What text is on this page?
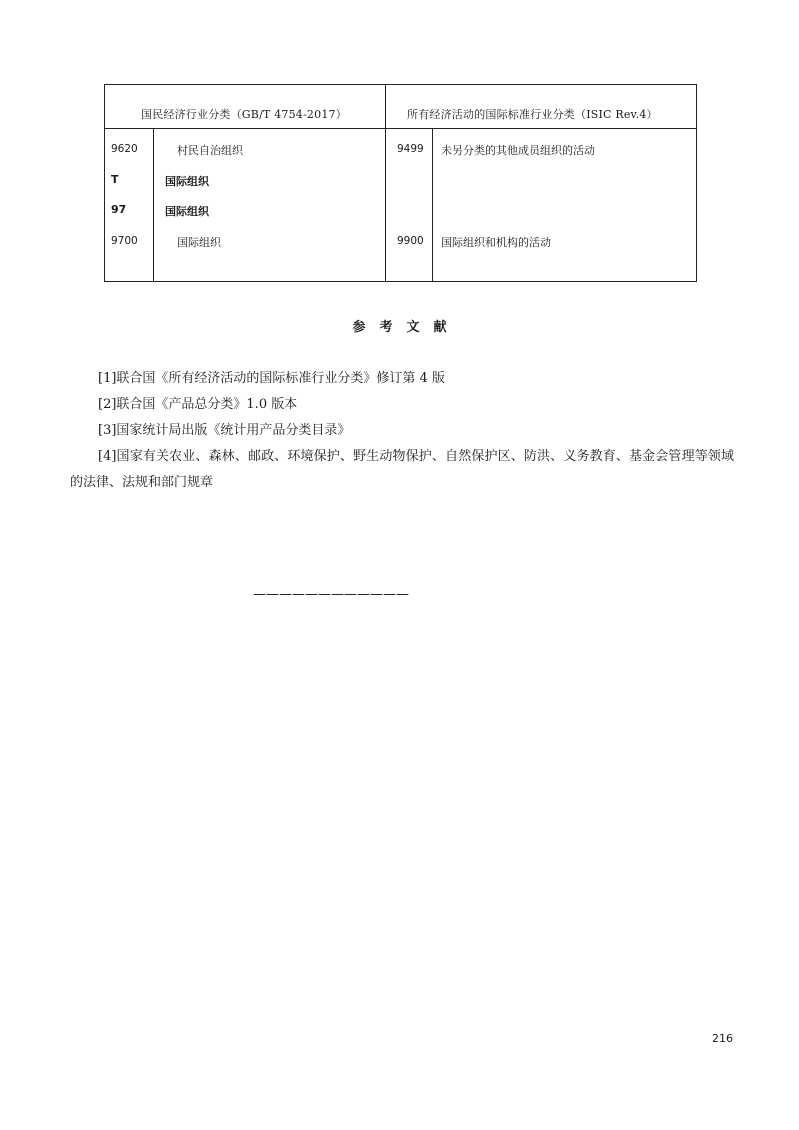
国民经济行业分类（GB/T 4754-2017）	所有经济活动的国际标准行业分类（ISIC Rev.4）
9620	村民自治组织	9499 未另分类的其他成员组织的活动
T	国际组织
97	国际组织
9700	国际组织	9900 国际组织和机构的活动
参考文献
[1]联合国《所有经济活动的国际标准行业分类》修订第 4 版
[2]联合国《产品总分类》1.0 版本
[3]国家统计局出版《统计用产品分类目录》
[4]国家有关农业、森林、邮政、环境保护、野生动物保护、自然保护区、防洪、义务教育、基金会管理等领域的法律、法规和部门规章
————————————
216
